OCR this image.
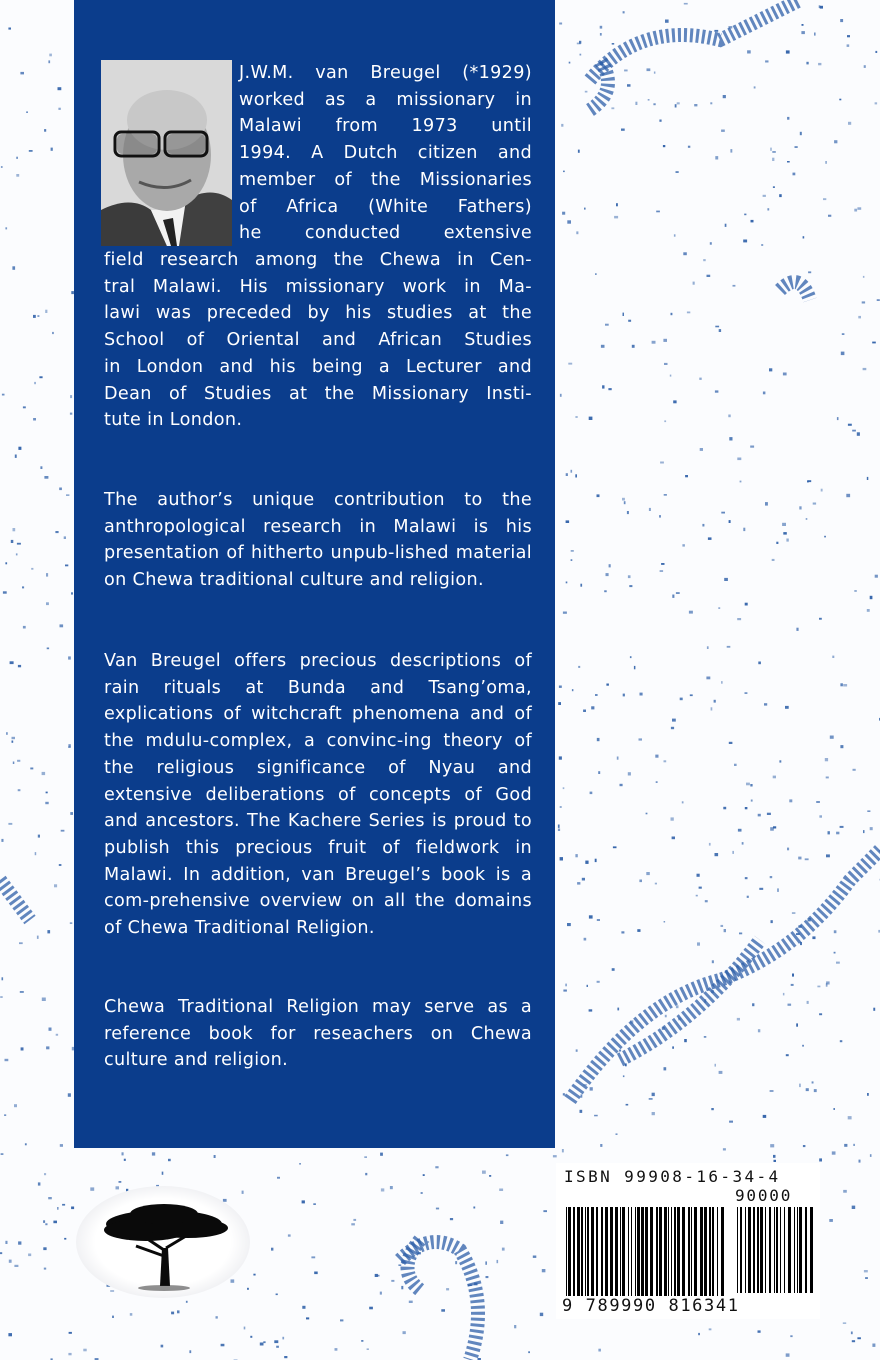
J.W.M. van Breugel (*1929)
worked as a missionary in
Malawi from 1973 until
1994. A Dutch citizen and
member of the Missionaries
of Africa (White Fathers)
he conducted extensive
field research among the Chewa in Cen-
tral Malawi. His missionary work in Ma-
lawi was preceded by his studies at the
School of Oriental and African Studies
in London and his being a Lecturer and
Dean of Studies at the Missionary Insti-
tute in London.

The author’s unique contribution to the anthropological research in Malawi is his presentation of hitherto unpub-lished material on Chewa traditional culture and religion.

Van Breugel offers precious descriptions of rain rituals at Bunda and Tsang’oma, explications of witchcraft phenomena and of the mdulu-complex, a convinc-ing theory of the religious significance of Nyau and extensive deliberations of concepts of God and ancestors. The Kachere Series is proud to publish this precious fruit of fieldwork in Malawi. In addition, van Breugel’s book is a com-prehensive overview on all the domains of Chewa Traditional Religion.

Chewa Traditional Religion may serve as a reference book for reseachers on Chewa culture and religion.

ISBN 99908-16-34-4
90000
9 789990 816341
